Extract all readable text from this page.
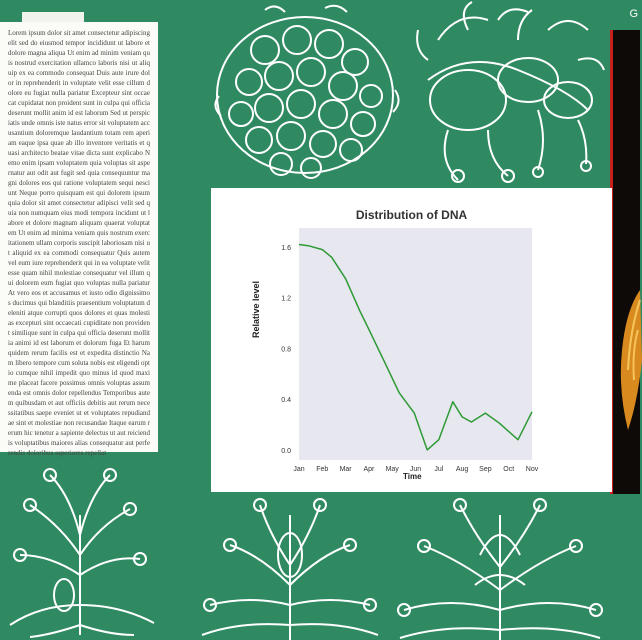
Lorem ipsum dolor sit amet consectetur adipiscing elit sed do eiusmod tempor incididunt ut labore et dolore magna aliqua Ut enim ad minim veniam quis nostrud exercitation ullamco laboris nisi ut aliquip ex ea commodo consequat Duis aute irure dolor in reprehenderit in voluptate velit esse cillum dolore eu fugiat nulla pariatur Excepteur sint occaecat cupidatat non proident sunt in culpa qui officia deserunt mollit anim id est laborum Sed ut perspiciatis unde omnis iste natus error sit voluptatem accusantium doloremque laudantium totam rem aperiam eaque ipsa quae ab illo inventore veritatis et quasi architecto beatae vitae dicta sunt explicabo Nemo enim ipsam voluptatem quia voluptas sit aspernatur aut odit aut fugit sed quia consequuntur magni dolores eos qui ratione voluptatem sequi nesciunt Neque porro quisquam est qui dolorem ipsum quia dolor sit amet consectetur adipisci velit sed quia non numquam eius modi tempora incidunt ut labore et dolore magnam aliquam quaerat voluptatem Ut enim ad minima veniam quis nostrum exercitationem ullam corporis suscipit laboriosam nisi ut aliquid ex ea commodi consequatur Quis autem vel eum iure reprehenderit qui in ea voluptate velit esse quam nihil molestiae consequatur vel illum qui dolorem eum fugiat quo voluptas nulla pariatur At vero eos et accusamus et iusto odio dignissimos ducimus qui blanditiis praesentium voluptatum deleniti atque corrupti quos dolores et quas molestias excepturi sint occaecati cupiditate non provident similique sunt in culpa qui officia deserunt mollitia animi id est laborum et dolorum fuga Et harum quidem rerum facilis est et expedita distinctio Nam libero tempore cum soluta nobis est eligendi optio cumque nihil impedit quo minus id quod maxime placeat facere possimus omnis voluptas assumenda est omnis dolor repellendus Temporibus autem quibusdam et aut officiis debitis aut rerum necessitatibus saepe eveniet ut et voluptates repudiandae sint et molestiae non recusandae Itaque earum rerum hic tenetur a sapiente delectus ut aut reiciendis voluptatibus maiores alias consequatur aut perferendis doloribus asperiores repellat
G
Distribution of DNA
Relative level
Time
1.6
1.2
0.8
0.4
0.0
Jan Feb Mar Apr May Jun Jul Aug Sep Oct Nov
